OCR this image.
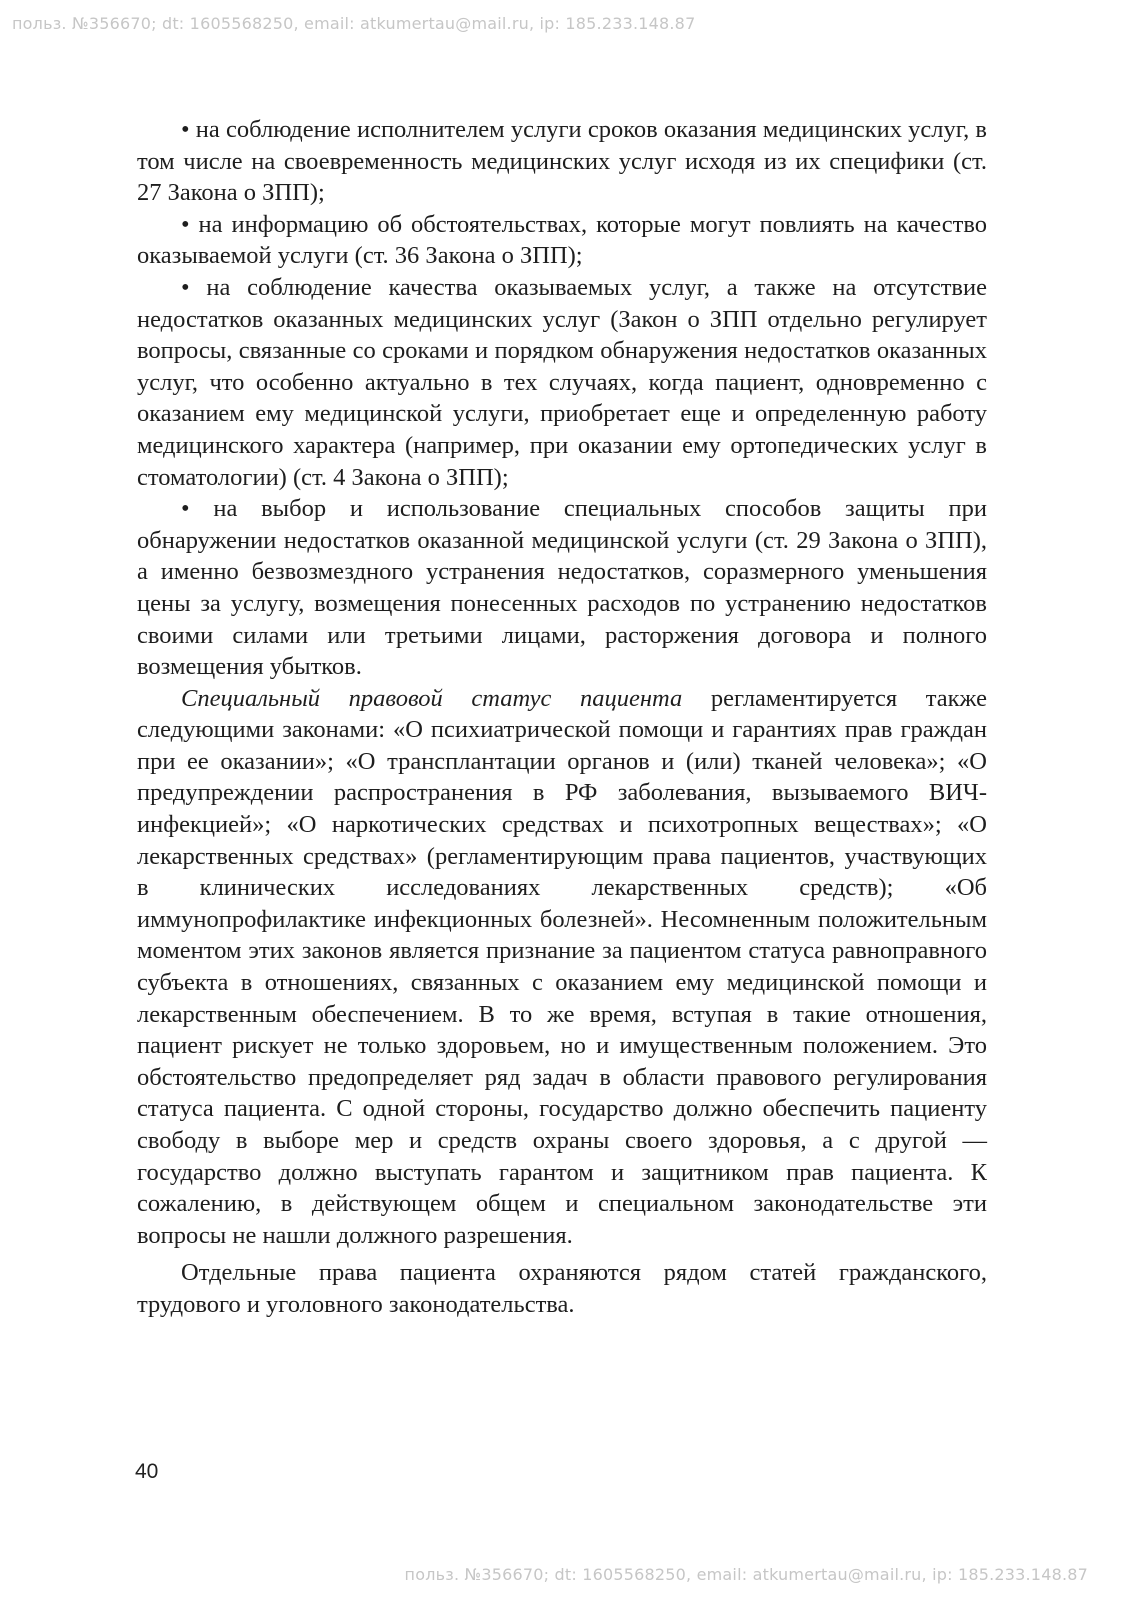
польз. №356670; dt: 1605568250, email: atkumertau@mail.ru, ip: 185.233.148.87

• на соблюдение исполнителем услуги сроков оказания медицинских услуг, в том числе на своевременность медицинских услуг исходя из их специфики (ст. 27 Закона о ЗПП);

• на информацию об обстоятельствах, которые могут повлиять на качество оказываемой услуги (ст. 36 Закона о ЗПП);

• на соблюдение качества оказываемых услуг, а также на отсутствие недостатков оказанных медицинских услуг (Закон о ЗПП отдельно регулирует вопросы, связанные со сроками и порядком обнаружения недостатков оказанных услуг, что особенно актуально в тех случаях, когда пациент, одновременно с оказанием ему медицинской услуги, приобретает еще и определенную работу медицинского характера (например, при оказании ему ортопедических услуг в стоматологии) (ст. 4 Закона о ЗПП);

• на выбор и использование специальных способов защиты при обнаружении недостатков оказанной медицинской услуги (ст. 29 Закона о ЗПП), а именно безвозмездного устранения недостатков, соразмерного уменьшения цены за услугу, возмещения понесенных расходов по устранению недостатков своими силами или третьими лицами, расторжения договора и полного возмещения убытков.

Специальный правовой статус пациента регламентируется также следующими законами: «О психиатрической помощи и гарантиях прав граждан при ее оказании»; «О трансплантации органов и (или) тканей человека»; «О предупреждении распространения в РФ заболевания, вызываемого ВИЧ-инфекцией»; «О наркотических средствах и психотропных веществах»; «О лекарственных средствах» (регламентирующим права пациентов, участвующих в клинических исследованиях лекарственных средств); «Об иммунопрофилактике инфекционных болезней». Несомненным положительным моментом этих законов является признание за пациентом статуса равноправного субъекта в отношениях, связанных с оказанием ему медицинской помощи и лекарственным обеспечением. В то же время, вступая в такие отношения, пациент рискует не только здоровьем, но и имущественным положением. Это обстоятельство предопределяет ряд задач в области правового регулирования статуса пациента. С одной стороны, государство должно обеспечить пациенту свободу в выборе мер и средств охраны своего здоровья, а с другой — государство должно выступать гарантом и защитником прав пациента. К сожалению, в действующем общем и специальном законодательстве эти вопросы не нашли должного разрешения.

Отдельные права пациента охраняются рядом статей гражданского, трудового и уголовного законодательства.

40
польз. №356670; dt: 1605568250, email: atkumertau@mail.ru, ip: 185.233.148.87
